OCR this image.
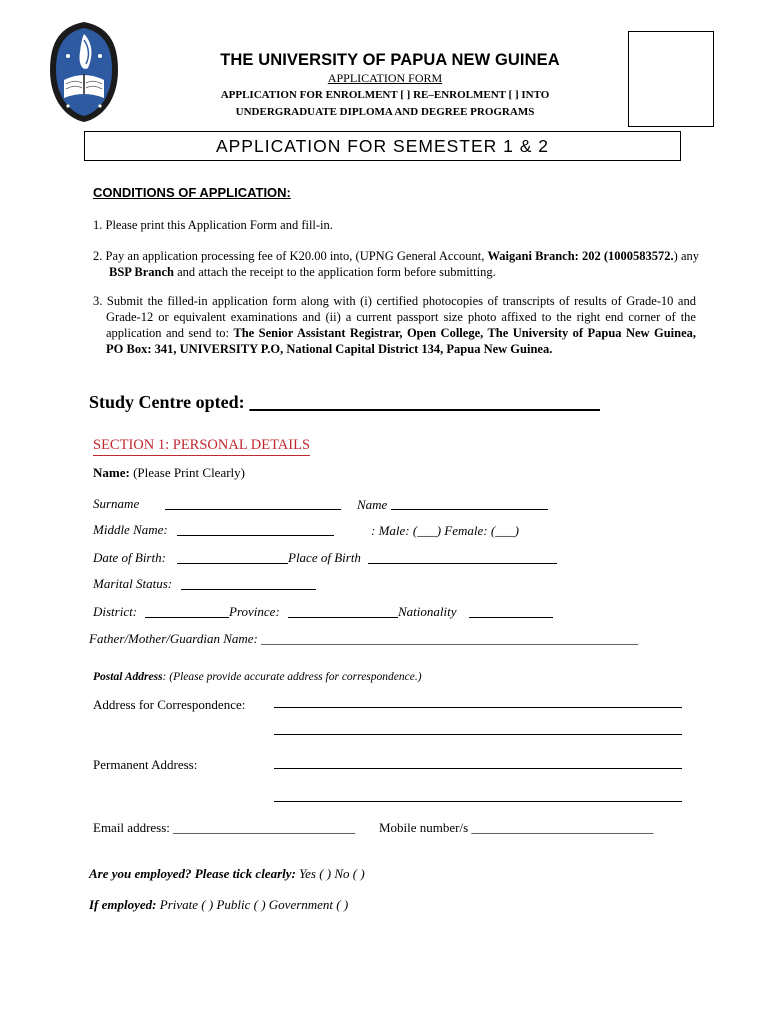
THE UNIVERSITY OF PAPUA NEW GUINEA
APPLICATION FORM
APPLICATION FOR ENROLMENT [ ] RE–ENROLMENT [ ] INTO
UNDERGRADUATE DIPLOMA AND DEGREE PROGRAMS
APPLICATION FOR SEMESTER 1 & 2
CONDITIONS OF APPLICATION:
1. Please print this Application Form and fill-in.
2. Pay an application processing fee of K20.00 into, (UPNG General Account, Waigani Branch: 202 (1000583572.) any BSP Branch and attach the receipt to the application form before submitting.
3. Submit the filled-in application form along with (i) certified photocopies of transcripts of results of Grade-10 and Grade-12 or equivalent examinations and (ii) a current passport size photo affixed to the right end corner of the application and send to: The Senior Assistant Registrar, Open College, The University of Papua New Guinea, PO Box: 341, UNIVERSITY P.O, National Capital District 134, Papua New Guinea.
Study Centre opted: ___
SECTION 1: PERSONAL DETAILS
Name: (Please Print Clearly)
Surname	Name
Middle Name:	: Male: (___) Female: (___)
Date of Birth:	Place of Birth
Marital Status:
District:	Province:	Nationality
Father/Mother/Guardian Name: __________________________________________________________
Postal Address: (Please provide accurate address for correspondence.)
Address for Correspondence:
Permanent Address:
Email address: ____________________________ Mobile number/s ____________________________
Are you employed? Please tick clearly: Yes ( ) No ( )
If employed: Private ( ) Public ( ) Government ( )
